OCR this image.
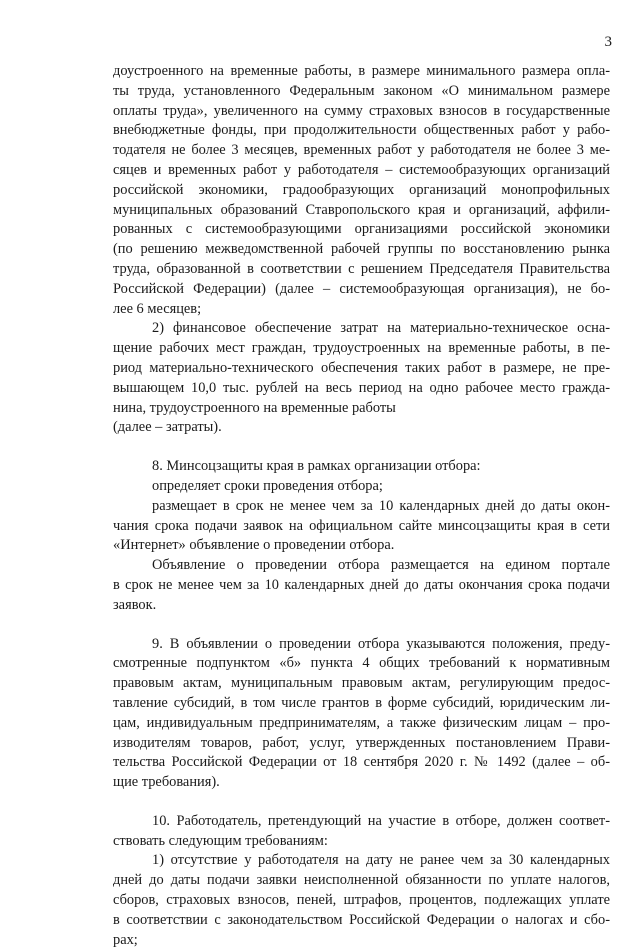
3

доустроенного на временные работы, в размере минимального размера опла-
ты труда, установленного Федеральным законом «О минимальном размере
оплаты труда», увеличенного на сумму страховых взносов в государственные
внебюджетные фонды, при продолжительности общественных работ у рабо-
тодателя не более 3 месяцев, временных работ у работодателя не более 3 ме-
сяцев и временных работ у работодателя – системообразующих организаций
российской экономики, градообразующих организаций монопрофильных
муниципальных образований Ставропольского края и организаций, аффили-
рованных с системообразующими организациями российской экономики
(по решению межведомственной рабочей группы по восстановлению рынка
труда, образованной в соответствии с решением Председателя Правительства
Российской Федерации) (далее – системообразующая организация), не бо-
лее 6 месяцев;

2) финансовое обеспечение затрат на материально-техническое осна-
щение рабочих мест граждан, трудоустроенных на временные работы, в пе-
риод материально-технического обеспечения таких работ в размере, не пре-
вышающем 10,0 тыс. рублей на весь период на одно рабочее место гражда-
нина, трудоустроенного на временные работы
(далее – затраты).

8. Минсоцзащиты края в рамках организации отбора:

определяет сроки проведения отбора;

размещает в срок не менее чем за 10 календарных дней до даты окон-
чания срока подачи заявок на официальном сайте минсоцзащиты края в сети
«Интернет» объявление о проведении отбора.

Объявление о проведении отбора размещается на едином портале
в срок не менее чем за 10 календарных дней до даты окончания срока подачи
заявок.

9. В объявлении о проведении отбора указываются положения, преду-
смотренные подпунктом «б» пункта 4 общих требований к нормативным
правовым актам, муниципальным правовым актам, регулирующим предос-
тавление субсидий, в том числе грантов в форме субсидий, юридическим ли-
цам, индивидуальным предпринимателям, а также физическим лицам – про-
изводителям товаров, работ, услуг, утвержденных постановлением Прави-
тельства Российской Федерации от 18 сентября 2020 г. № 1492 (далее – об-
щие требования).

10. Работодатель, претендующий на участие в отборе, должен соответ-
ствовать следующим требованиям:

1) отсутствие у работодателя на дату не ранее чем за 30 календарных
дней до даты подачи заявки неисполненной обязанности по уплате налогов,
сборов, страховых взносов, пеней, штрафов, процентов, подлежащих уплате
в соответствии с законодательством Российской Федерации о налогах и сбо-
рах;
